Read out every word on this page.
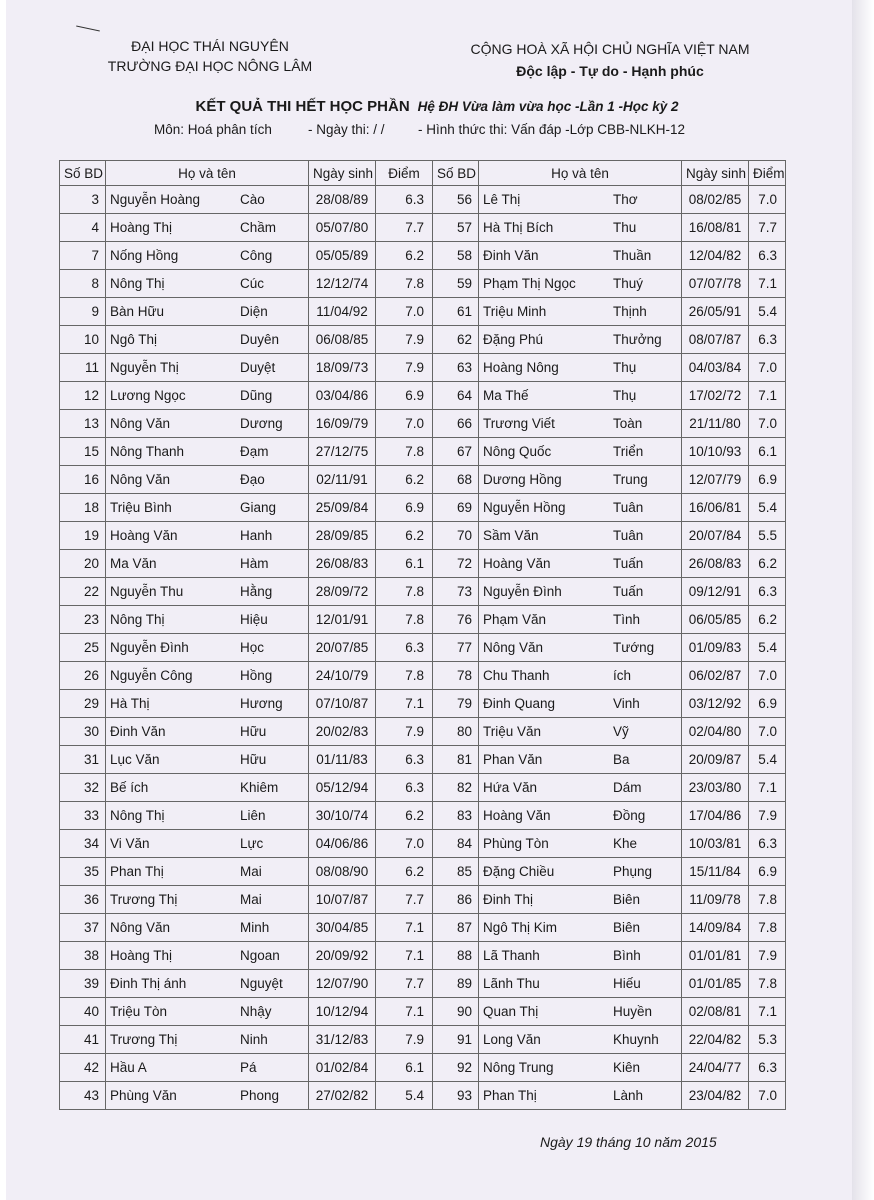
ĐẠI HỌC THÁI NGUYÊN
TRƯỜNG ĐẠI HỌC NÔNG LÂM
CỘNG HOÀ XÃ HỘI CHỦ NGHĨA VIỆT NAM
Độc lập - Tự do - Hạnh phúc
KẾT QUẢ THI HẾT HỌC PHẦN Hệ ĐH Vừa làm vừa học -Lần 1 -Học kỳ 2
Môn: Hoá phân tích	- Ngày thi: / / - Hình thức thi: Vấn đáp -Lớp CBB-NLKH-12
Số BD	Họ và tên	Ngày sinh	Điểm	Số BD	Họ và tên	Ngày sinh	Điểm
3	Nguyễn Hoàng Cào	28/08/89	6.3	56	Lê Thị Thơ	08/02/85	7.0
4	Hoàng Thị Chầm	05/07/80	7.7	57	Hà Thị Bích Thu	16/08/81	7.7
7	Nống Hồng Công	05/05/89	6.2	58	Đinh Văn Thuần	12/04/82	6.3
8	Nông Thị Cúc	12/12/74	7.8	59	Phạm Thị Ngọc Thuý	07/07/78	7.1
9	Bàn Hữu Diện	11/04/92	7.0	61	Triệu Minh Thịnh	26/05/91	5.4
10	Ngô Thị Duyên	06/08/85	7.9	62	Đặng Phú Thưởng	08/07/87	6.3
11	Nguyễn Thị Duyệt	18/09/73	7.9	63	Hoàng Nông Thụ	04/03/84	7.0
12	Lương Ngọc Dũng	03/04/86	6.9	64	Ma Thế Thụ	17/02/72	7.1
13	Nông Văn Dương	16/09/79	7.0	66	Trương Viết Toàn	21/11/80	7.0
15	Nông Thanh Đạm	27/12/75	7.8	67	Nông Quốc Triển	10/10/93	6.1
16	Nông Văn Đạo	02/11/91	6.2	68	Dương Hồng Trung	12/07/79	6.9
18	Triệu Bình Giang	25/09/84	6.9	69	Nguyễn Hồng Tuân	16/06/81	5.4
19	Hoàng Văn Hanh	28/09/85	6.2	70	Sầm Văn Tuân	20/07/84	5.5
20	Ma Văn Hàm	26/08/83	6.1	72	Hoàng Văn Tuấn	26/08/83	6.2
22	Nguyễn Thu Hằng	28/09/72	7.8	73	Nguyễn Đình Tuấn	09/12/91	6.3
23	Nông Thị Hiệu	12/01/91	7.8	76	Phạm Văn Tình	06/05/85	6.2
25	Nguyễn Đình Học	20/07/85	6.3	77	Nông Văn Tướng	01/09/83	5.4
26	Nguyễn Công Hồng	24/10/79	7.8	78	Chu Thanh ích	06/02/87	7.0
29	Hà Thị Hương	07/10/87	7.1	79	Đinh Quang Vinh	03/12/92	6.9
30	Đinh Văn Hữu	20/02/83	7.9	80	Triệu Văn Vỹ	02/04/80	7.0
31	Lục Văn Hữu	01/11/83	6.3	81	Phan Văn Ba	20/09/87	5.4
32	Bế ích Khiêm	05/12/94	6.3	82	Hứa Văn Dám	23/03/80	7.1
33	Nông Thị Liên	30/10/74	6.2	83	Hoàng Văn Đồng	17/04/86	7.9
34	Vi Văn Lực	04/06/86	7.0	84	Phùng Tòn Khe	10/03/81	6.3
35	Phan Thị Mai	08/08/90	6.2	85	Đặng Chiều Phụng	15/11/84	6.9
36	Trương Thị Mai	10/07/87	7.7	86	Đinh Thị Biên	11/09/78	7.8
37	Nông Văn Minh	30/04/85	7.1	87	Ngô Thị Kim Biên	14/09/84	7.8
38	Hoàng Thị Ngoan	20/09/92	7.1	88	Lã Thanh Bình	01/01/81	7.9
39	Đinh Thị ánh Nguyệt	12/07/90	7.7	89	Lãnh Thu Hiếu	01/01/85	7.8
40	Triệu Tòn Nhậy	10/12/94	7.1	90	Quan Thị Huyền	02/08/81	7.1
41	Trương Thị Ninh	31/12/83	7.9	91	Long Văn Khuynh	22/04/82	5.3
42	Hầu A Pá	01/02/84	6.1	92	Nông Trung Kiên	24/04/77	6.3
43	Phùng Văn Phong	27/02/82	5.4	93	Phan Thị Lành	23/04/82	7.0
Ngày 19 tháng 10 năm 2015
